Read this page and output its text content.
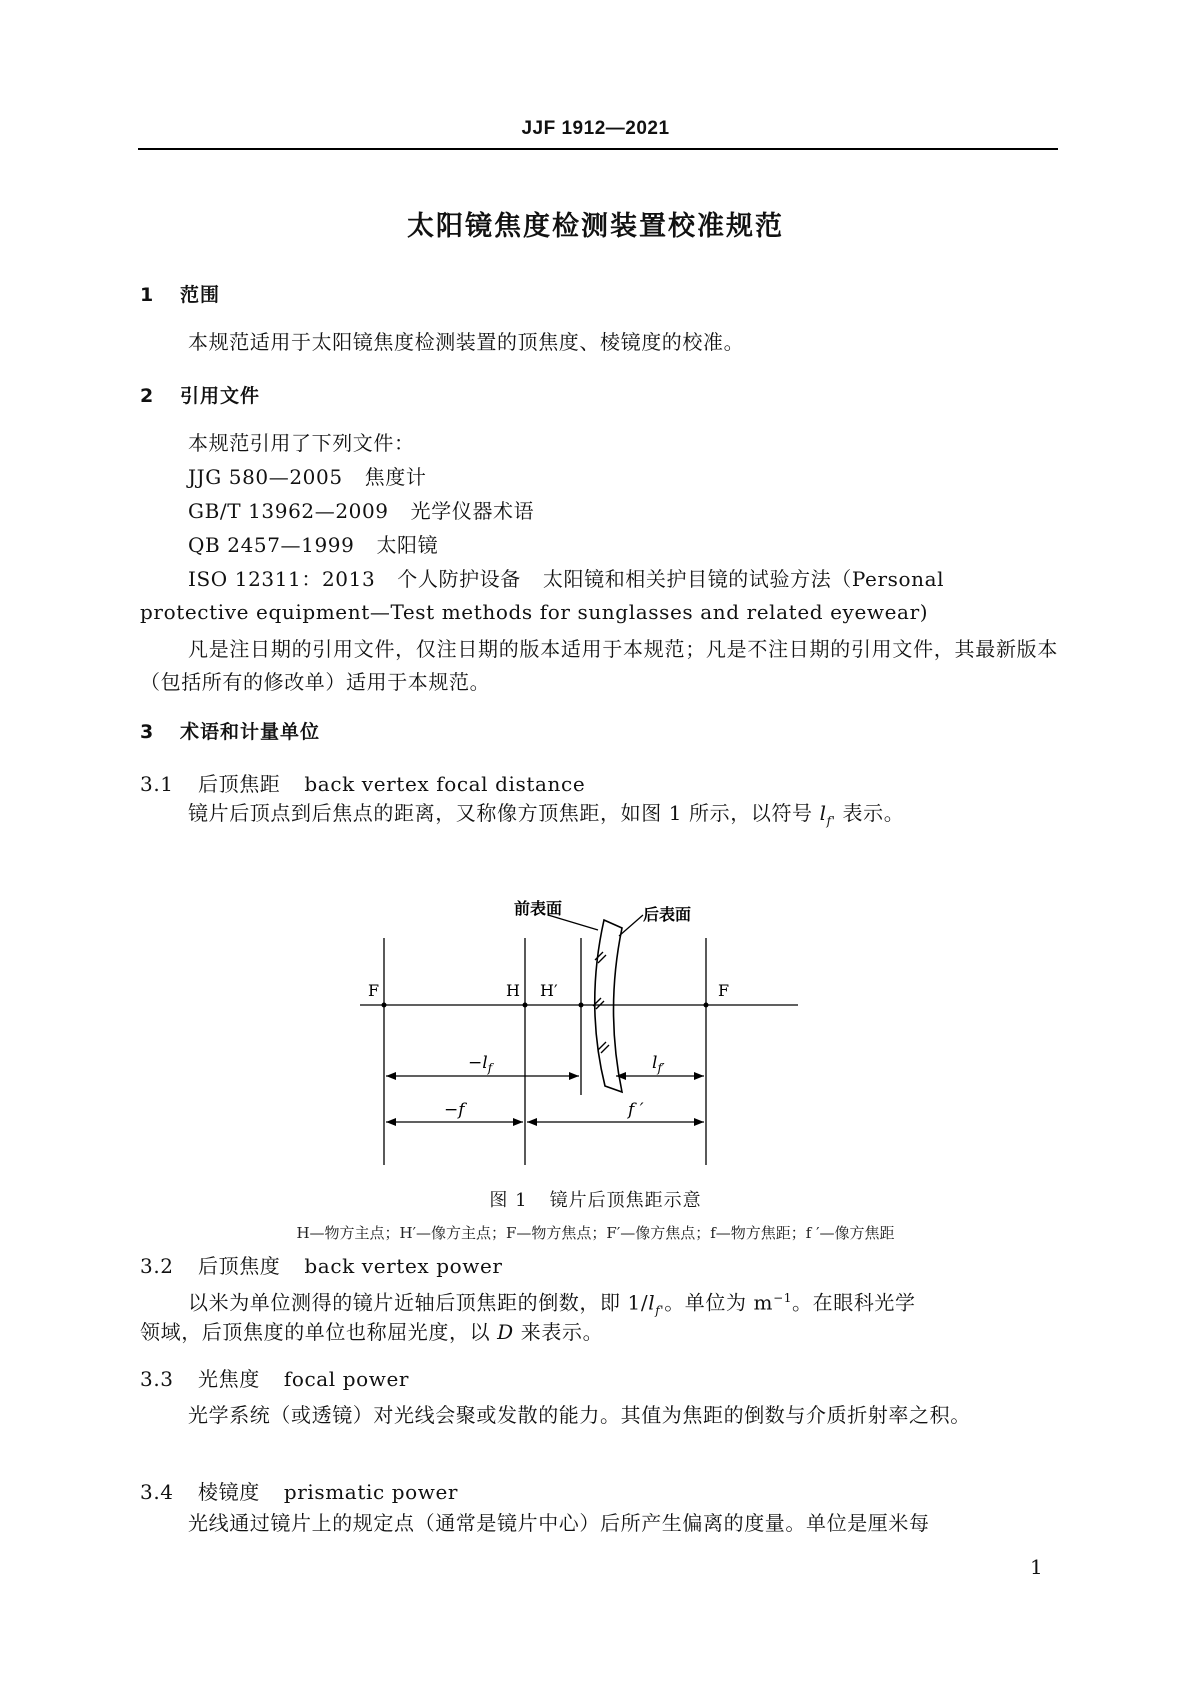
JJF 1912—2021
太阳镜焦度检测装置校准规范
1 范围
本规范适用于太阳镜焦度检测装置的顶焦度、棱镜度的校准。
2 引用文件
本规范引用了下列文件：
JJG 580—2005 焦度计
GB/T 13962—2009 光学仪器术语
QB 2457—1999 太阳镜
ISO 12311：2013 个人防护设备 太阳镜和相关护目镜的试验方法（Personal
protective equipment—Test methods for sunglasses and related eyewear)
凡是注日期的引用文件，仅注日期的版本适用于本规范；凡是不注日期的引用文件，其最新版本（包括所有的修改单）适用于本规范。
3 术语和计量单位
3.1 后顶焦距 back vertex focal distance
镜片后顶点到后焦点的距离，又称像方顶焦距，如图 1 所示，以符号 $l_{f'}$ 表示。
前表面	后表面
F	H H′	F
$-l_f$	$l_{f'}$
−f	f ′
图 1 镜片后顶焦距示意
H—物方主点；H′—像方主点；F—物方焦点；F′—像方焦点；f—物方焦距；f ′—像方焦距
3.2 后顶焦度 back vertex power
以米为单位测得的镜片近轴后顶焦距的倒数，即 $1/l_{f'}$。单位为 $m^{-1}$。在眼科光学
领域，后顶焦度的单位也称屈光度，以 D 来表示。
3.3 光焦度 focal power
光学系统（或透镜）对光线会聚或发散的能力。其值为焦距的倒数与介质折射率之积。
3.4 棱镜度 prismatic power
光线通过镜片上的规定点（通常是镜片中心）后所产生偏离的度量。单位是厘米每
1
